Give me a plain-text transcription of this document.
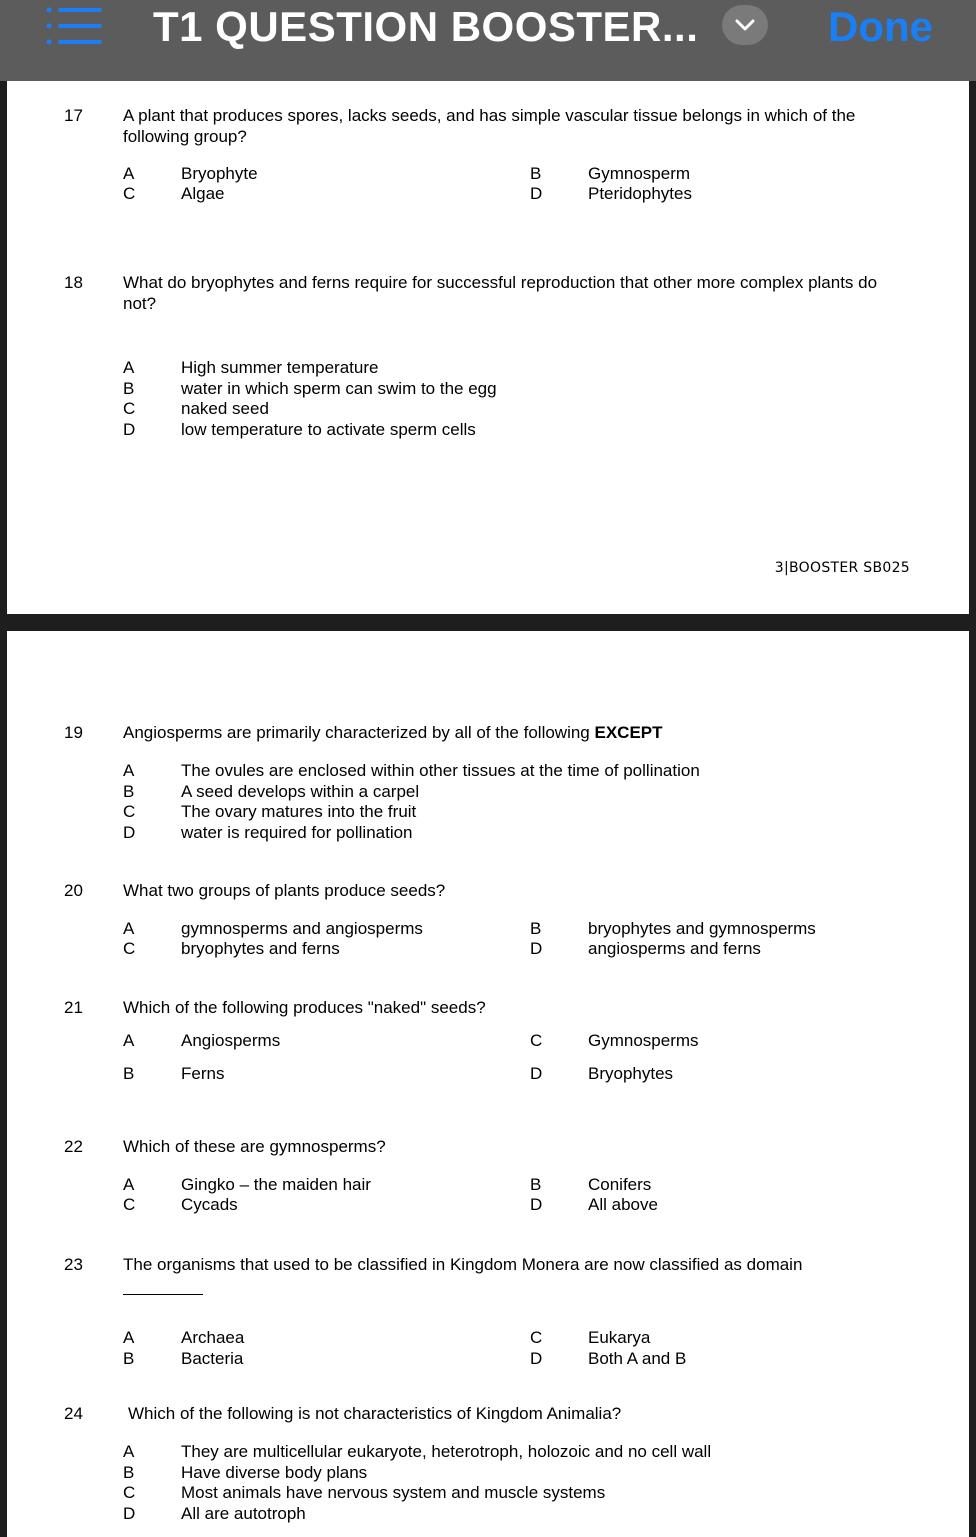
T1 QUESTION BOOSTER...	Done
17 A plant that produces spores, lacks seeds, and has simple vascular tissue belongs in which of the following group?
A	Bryophyte	B	Gymnosperm
C	Algae	D	Pteridophytes
18 What do bryophytes and ferns require for successful reproduction that other more complex plants do not?
A	High summer temperature
B	water in which sperm can swim to the egg
C	naked seed
D	low temperature to activate sperm cells
3|BOOSTER SB025
19 Angiosperms are primarily characterized by all of the following EXCEPT
A	The ovules are enclosed within other tissues at the time of pollination
B	A seed develops within a carpel
C	The ovary matures into the fruit
D	water is required for pollination
20 What two groups of plants produce seeds?
A	gymnosperms and angiosperms	B	bryophytes and gymnosperms
C	bryophytes and ferns	D	angiosperms and ferns
21 Which of the following produces "naked" seeds?
A	Angiosperms	C	Gymnosperms
B	Ferns	D	Bryophytes
22 Which of these are gymnosperms?
A	Gingko – the maiden hair	B	Conifers
C	Cycads	D	All above
23 The organisms that used to be classified in Kingdom Monera are now classified as domain
A	Archaea	C	Eukarya
B	Bacteria	D	Both A and B
24	Which of the following is not characteristics of Kingdom Animalia?
A	They are multicellular eukaryote, heterotroph, holozoic and no cell wall
B	Have diverse body plans
C	Most animals have nervous system and muscle systems
D	All are autotroph
